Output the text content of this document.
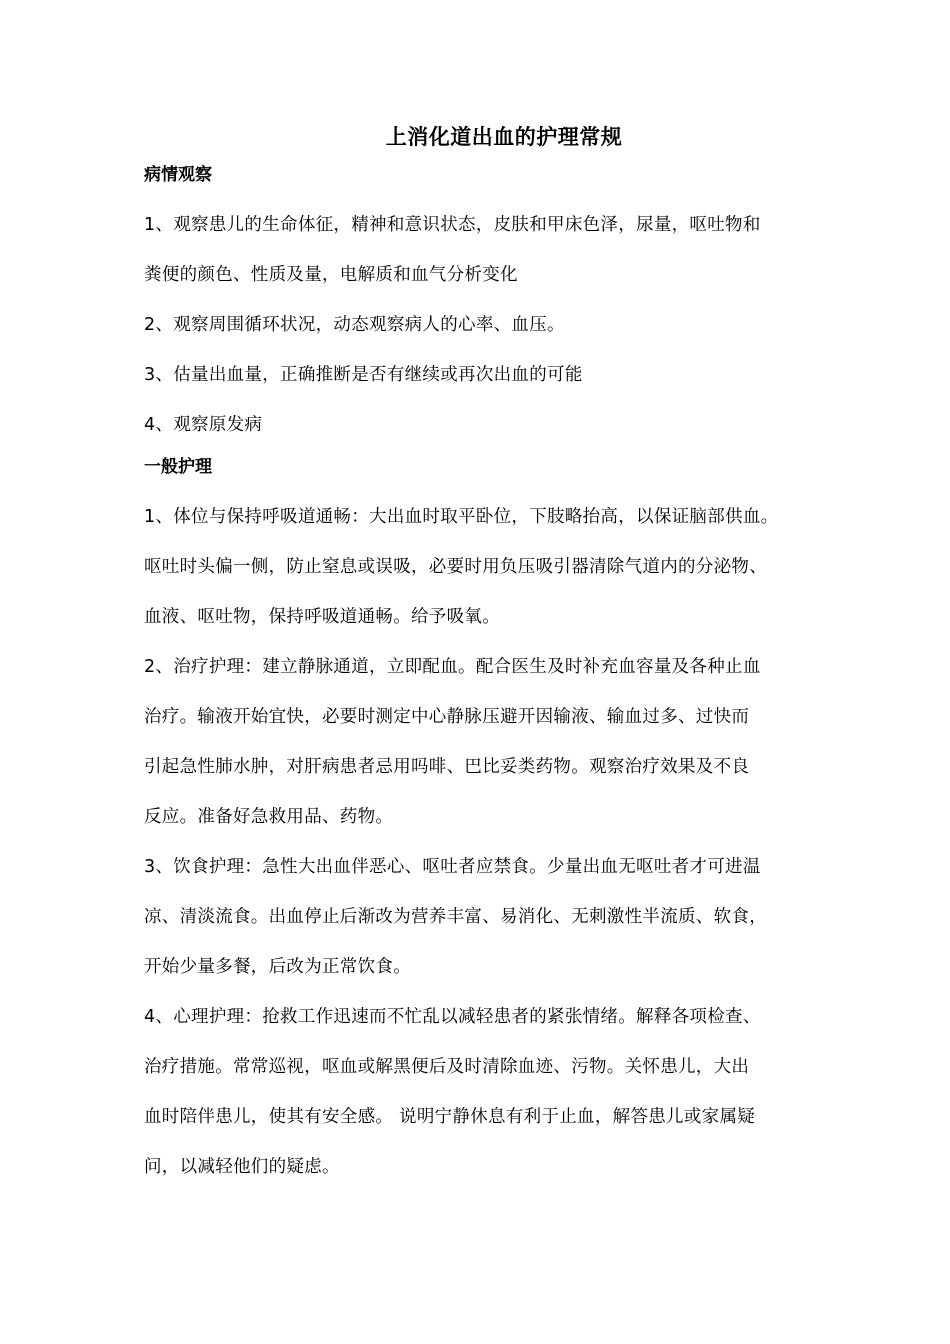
上消化道出血的护理常规
病情观察
1、观察患儿的生命体征，精神和意识状态，皮肤和甲床色泽，尿量，呕吐物和
粪便的颜色、性质及量，电解质和血气分析变化
2、观察周围循环状况，动态观察病人的心率、血压。
3、估量出血量，正确推断是否有继续或再次出血的可能
4、观察原发病
一般护理
1、体位与保持呼吸道通畅：大出血时取平卧位，下肢略抬高，以保证脑部供血。
呕吐时头偏一侧，防止窒息或误吸，必要时用负压吸引器清除气道内的分泌物、
血液、呕吐物，保持呼吸道通畅。给予吸氧。
2、治疗护理：建立静脉通道，立即配血。配合医生及时补充血容量及各种止血
治疗。输液开始宜快，必要时测定中心静脉压避开因输液、输血过多、过快而
引起急性肺水肿，对肝病患者忌用吗啡、巴比妥类药物。观察治疗效果及不良
反应。准备好急救用品、药物。
3、饮食护理：急性大出血伴恶心、呕吐者应禁食。少量出血无呕吐者才可进温
凉、清淡流食。出血停止后渐改为营养丰富、易消化、无刺激性半流质、软食，
开始少量多餐，后改为正常饮食。
4、心理护理：抢救工作迅速而不忙乱以减轻患者的紧张情绪。解释各项检查、
治疗措施。常常巡视，呕血或解黑便后及时清除血迹、污物。关怀患儿，大出
血时陪伴患儿，使其有安全感。 说明宁静休息有利于止血，解答患儿或家属疑
问，以减轻他们的疑虑。
